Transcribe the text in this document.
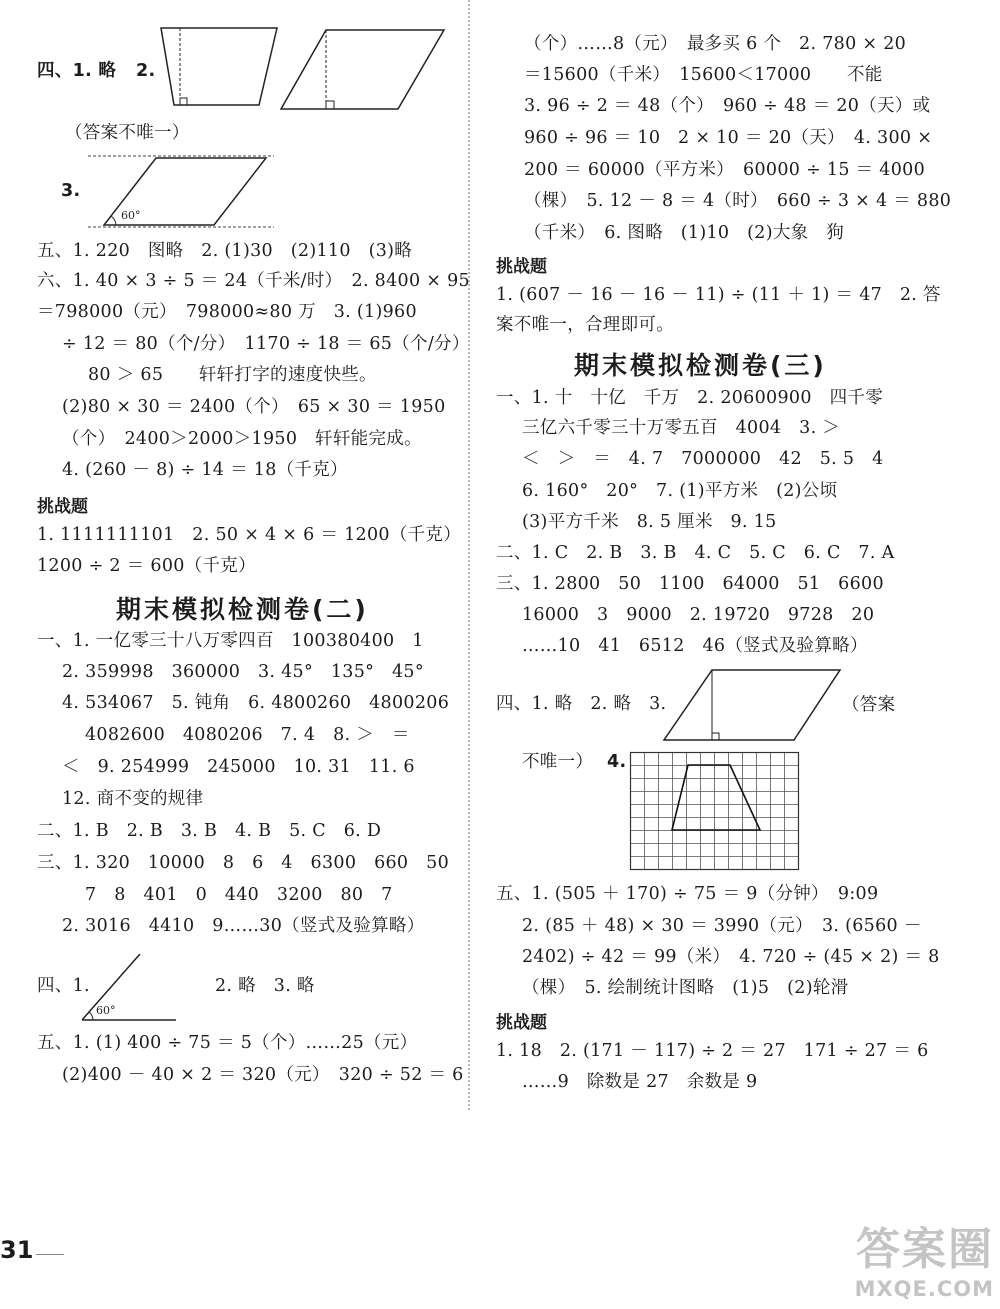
四、1. 略 2.
（答案不唯一）
3.
60°
五、1. 220　图略　2. (1)30　(2)110　(3)略
六、1. 40 × 3 ÷ 5 ＝ 24（千米/时）　2. 8400 × 95
＝798000（元）　798000≈80 万　3. (1)960
÷ 12 ＝ 80（个/分）　1170 ÷ 18 ＝ 65（个/分）
80 ＞ 65　　轩轩打字的速度快些。
(2)80 × 30 ＝ 2400（个）　65 × 30 ＝ 1950
（个）　2400＞2000＞1950　轩轩能完成。
4. (260 － 8) ÷ 14 ＝ 18（千克）
挑战题
1. 1111111101　2. 50 × 4 × 6 ＝ 1200（千克）
1200 ÷ 2 ＝ 600（千克）
期末模拟检测卷(二)
一、1. 一亿零三十八万零四百　100380400　1
2. 359998　360000　3. 45°　135°　45°
4. 534067　5. 钝角　6. 4800260　4800206
4082600　4080206　7. 4　8. ＞　＝
＜　9. 254999　245000　10. 31　11. 6
12. 商不变的规律
二、1. B　2. B　3. B　4. B　5. C　6. D
三、1. 320　10000　8　6　4　6300　660　50
7　8　401　0　440　3200　80　7
2. 3016　4410　9……30（竖式及验算略）
四、1.
60°
2. 略　3. 略
五、1. (1) 400 ÷ 75 ＝ 5（个）……25（元）
(2)400 － 40 × 2 ＝ 320（元）　320 ÷ 52 ＝ 6
（个）……8（元）　最多买 6 个　2. 780 × 20
＝15600（千米）　15600＜17000　　不能
3. 96 ÷ 2 ＝ 48（个）　960 ÷ 48 ＝ 20（天）或
960 ÷ 96 ＝ 10　2 × 10 ＝ 20（天）　4. 300 ×
200 ＝ 60000（平方米）　60000 ÷ 15 ＝ 4000
（棵）　5. 12 － 8 ＝ 4（时）　660 ÷ 3 × 4 ＝ 880
（千米）　6. 图略　(1)10　(2)大象　狗
挑战题
1. (607 － 16 － 16 － 11) ÷ (11 ＋ 1) ＝ 47　2. 答
案不唯一，合理即可。
期末模拟检测卷(三)
一、1. 十　十亿　千万　2. 20600900　四千零
三亿六千零三十万零五百　4004　3. ＞
＜　＞　＝　4. 7　7000000　42　5. 5　4
6. 160°　20°　7. (1)平方米　(2)公顷
(3)平方千米　8. 5 厘米　9. 15
二、1. C　2. B　3. B　4. C　5. C　6. C　7. A
三、1. 2800　50　1100　64000　51　6600
16000　3　9000　2. 19720　9728　20
……10　41　6512　46（竖式及验算略）
四、1. 略　2. 略　3.	（答案
不唯一） 4.
五、1. (505 ＋ 170) ÷ 75 ＝ 9（分钟）　9:09
2. (85 ＋ 48) × 30 ＝ 3990（元）　3. (6560 －
2402) ÷ 42 ＝ 99（米）　4. 720 ÷ (45 × 2) ＝ 8
（棵）　5. 绘制统计图略　(1)5　(2)轮滑
挑战题
1. 18　2. (171 － 117) ÷ 2 ＝ 27　171 ÷ 27 ＝ 6
……9　除数是 27　余数是 9
31	答案圈
MXQE.COM
